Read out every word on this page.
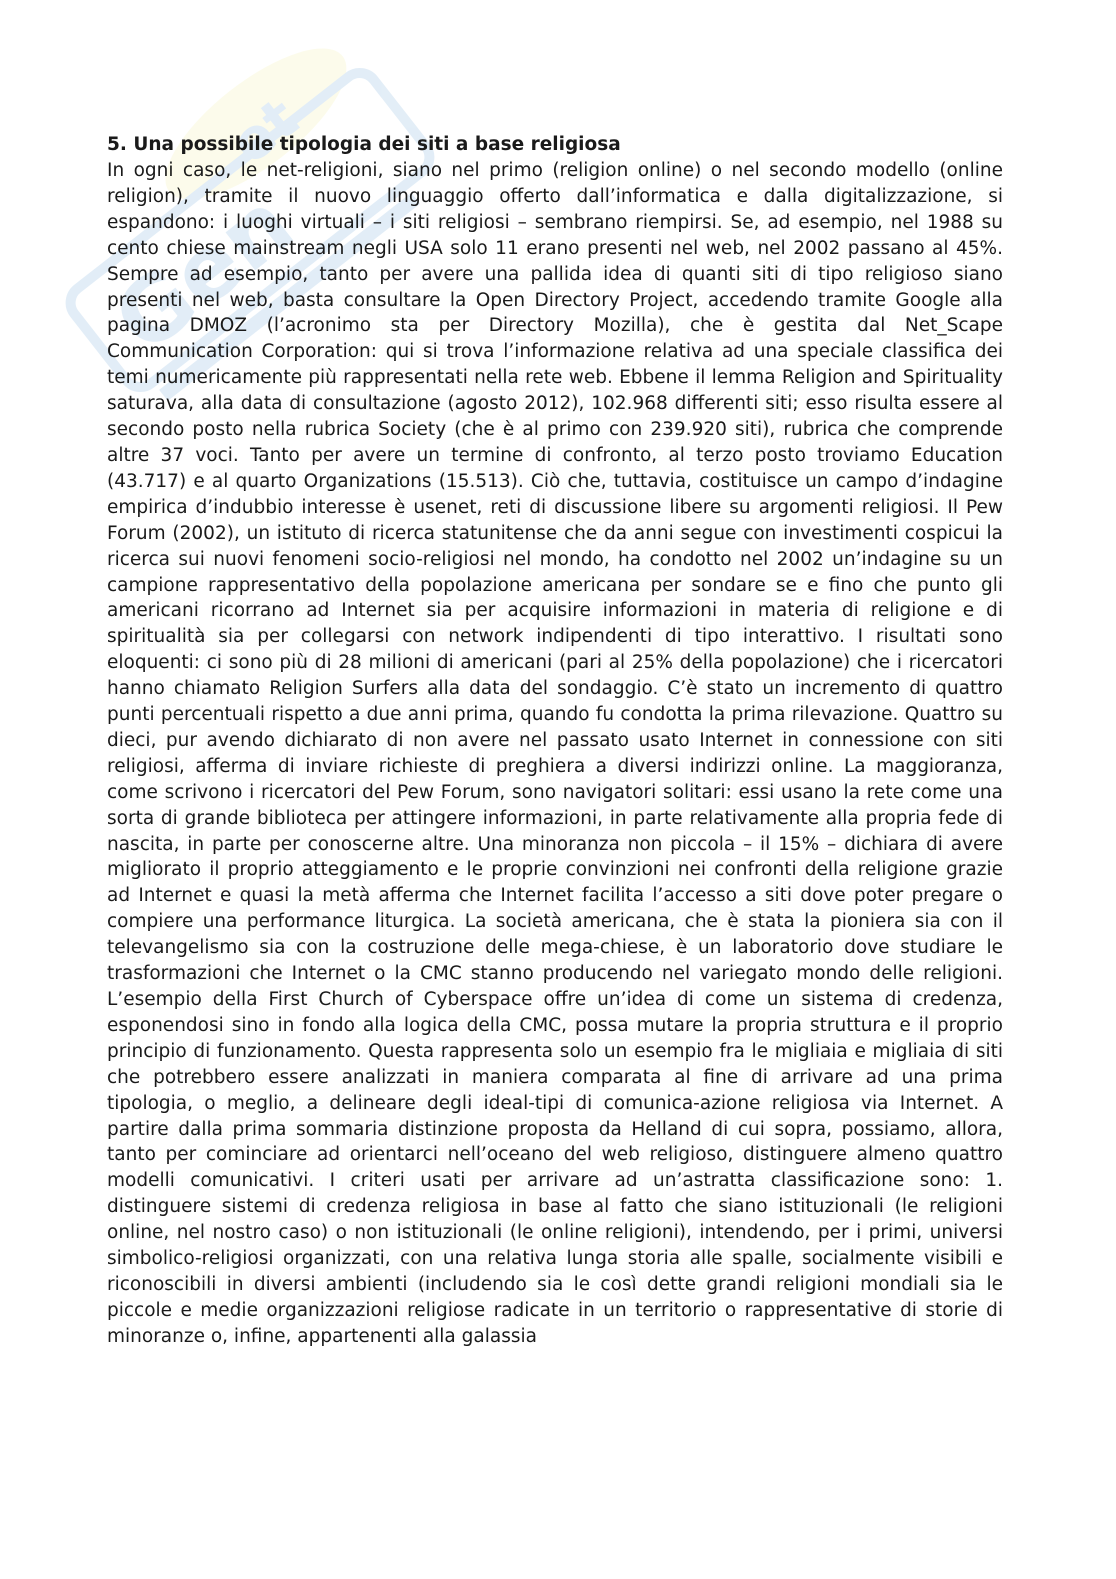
Gen
et
5. Una possibile tipologia dei siti a base religiosa

In ogni caso, le net-religioni, siano nel primo (religion online) o nel secondo modello (online religion), tramite il nuovo linguaggio offerto dall’informatica e dalla digitalizzazione, si espandono: i luoghi virtuali – i siti religiosi – sembrano riempirsi. Se, ad esempio, nel 1988 su cento chiese mainstream negli USA solo 11 erano presenti nel web, nel 2002 passano al 45%. Sempre ad esempio, tanto per avere una pallida idea di quanti siti di tipo religioso siano presenti nel web, basta consultare la Open Directory Project, accedendo tramite Google alla pagina DMOZ (l’acronimo sta per Directory Mozilla), che è gestita dal Net_Scape Communication Corporation: qui si trova l’informazione relativa ad una speciale classifica dei temi numericamente più rappresentati nella rete web. Ebbene il lemma Religion and Spirituality saturava, alla data di consultazione (agosto 2012), 102.968 differenti siti; esso risulta essere al secondo posto nella rubrica Society (che è al primo con 239.920 siti), rubrica che comprende altre 37 voci. Tanto per avere un termine di confronto, al terzo posto troviamo Education (43.717) e al quarto Organizations (15.513). Ciò che, tuttavia, costituisce un campo d’indagine empirica d’indubbio interesse è usenet, reti di discussione libere su argomenti religiosi. Il Pew Forum (2002), un istituto di ricerca statunitense che da anni segue con investimenti cospicui la ricerca sui nuovi fenomeni socio-religiosi nel mondo, ha condotto nel 2002 un’indagine su un campione rappresentativo della popolazione americana per sondare se e fino che punto gli americani ricorrano ad Internet sia per acquisire informazioni in materia di religione e di spiritualità sia per collegarsi con network indipendenti di tipo interattivo. I risultati sono eloquenti: ci sono più di 28 milioni di americani (pari al 25% della popolazione) che i ricercatori hanno chiamato Religion Surfers alla data del sondaggio. C’è stato un incremento di quattro punti percentuali rispetto a due anni prima, quando fu condotta la prima rilevazione. Quattro su dieci, pur avendo dichiarato di non avere nel passato usato Internet in connessione con siti religiosi, afferma di inviare richieste di preghiera a diversi indirizzi online. La maggioranza, come scrivono i ricercatori del Pew Forum, sono navigatori solitari: essi usano la rete come una sorta di grande biblioteca per attingere informazioni, in parte relativamente alla propria fede di nascita, in parte per conoscerne altre. Una minoranza non piccola – il 15% – dichiara di avere migliorato il proprio atteggiamento e le proprie convinzioni nei confronti della religione grazie ad Internet e quasi la metà afferma che Internet facilita l’accesso a siti dove poter pregare o compiere una performance liturgica. La società americana, che è stata la pioniera sia con il televangelismo sia con la costruzione delle mega-chiese, è un laboratorio dove studiare le trasformazioni che Internet o la CMC stanno producendo nel variegato mondo delle religioni. L’esempio della First Church of Cyberspace offre un’idea di come un sistema di credenza, esponendosi sino in fondo alla logica della CMC, possa mutare la propria struttura e il proprio principio di funzionamento. Questa rappresenta solo un esempio fra le migliaia e migliaia di siti che potrebbero essere analizzati in maniera comparata al fine di arrivare ad una prima tipologia, o meglio, a delineare degli ideal-tipi di comunica-azione religiosa via Internet. A partire dalla prima sommaria distinzione proposta da Helland di cui sopra, possiamo, allora, tanto per cominciare ad orientarci nell’oceano del web religioso, distinguere almeno quattro modelli comunicativi. I criteri usati per arrivare ad un’astratta classificazione sono: 1. distinguere sistemi di credenza religiosa in base al fatto che siano istituzionali (le religioni online, nel nostro caso) o non istituzionali (le online religioni), intendendo, per i primi, universi simbolico-religiosi organizzati, con una relativa lunga storia alle spalle, socialmente visibili e riconoscibili in diversi ambienti (includendo sia le così dette grandi religioni mondiali sia le piccole e medie organizzazioni religiose radicate in un territorio o rappresentative di storie di minoranze o, infine, appartenenti alla galassia
